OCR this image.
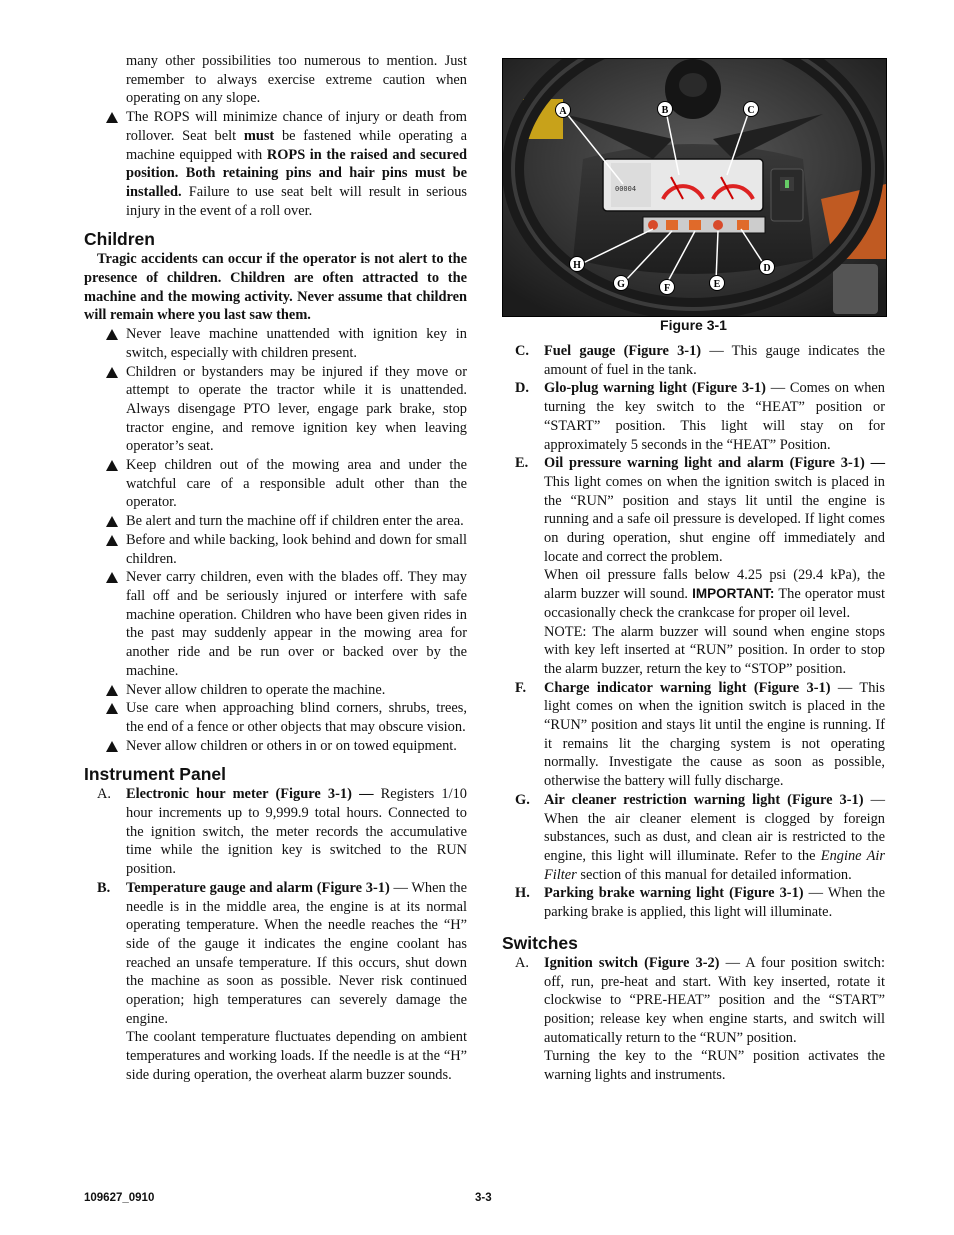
many other possibilities too numerous to mention. Just remember to always exercise extreme caution when operating on any slope.

The ROPS will minimize chance of injury or death from rollover. Seat belt must be fastened while operating a machine equipped with ROPS in the raised and secured position. Both retaining pins and hair pins must be installed. Failure to use seat belt will result in serious injury in the event of a roll over.

Children

Tragic accidents can occur if the operator is not alert to the presence of children. Children are often attracted to the machine and the mowing activity. Never assume that children will remain where you last saw them.

Never leave machine unattended with ignition key in switch, especially with children present.

Children or bystanders may be injured if they move or attempt to operate the tractor while it is unattended. Always disengage PTO lever, engage park brake, stop tractor engine, and remove ignition key when leaving operator’s seat.

Keep children out of the mowing area and under the watchful care of a responsible adult other than the operator.

Be alert and turn the machine off if children enter the area.

Before and while backing, look behind and down for small children.

Never carry children, even with the blades off. They may fall off and be seriously injured or interfere with safe machine operation. Children who have been given rides in the past may suddenly appear in the mowing area for another ride and be run over or backed over by the machine.

Never allow children to operate the machine.

Use care when approaching blind corners, shrubs, trees, the end of a fence or other objects that may obscure vision.

Never allow children or others in or on towed equipment.

Instrument Panel

A. Electronic hour meter (Figure 3-1) — Registers 1/10 hour increments up to 9,999.9 total hours. Connected to the ignition switch, the meter records the accumulative time while the ignition key is switched to the RUN position.

B. Temperature gauge and alarm (Figure 3-1) — When the needle is in the middle area, the engine is at its normal operating temperature. When the needle reaches the “H” side of the gauge it indicates the engine coolant has reached an unsafe temperature. If this occurs, shut down the machine as soon as possible. Never risk continued operation; high temperatures can severely damage the engine.

The coolant temperature fluctuates depending on ambient temperatures and working loads. If the needle is at the “H” side during operation, the overheat alarm buzzer sounds.

00004
A	B	C
D
E
F
G
H
Figure 3-1

C. Fuel gauge (Figure 3-1) — This gauge indicates the amount of fuel in the tank.

D. Glo-plug warning light (Figure 3-1) — Comes on when turning the key switch to the “HEAT” position or “START” position. This light will stay on for approximately 5 seconds in the “HEAT” Position.

E. Oil pressure warning light and alarm (Figure 3-1) — This light comes on when the ignition switch is placed in the “RUN” position and stays lit until the engine is running and a safe oil pressure is developed. If light comes on during operation, shut engine off immediately and locate and correct the problem.

When oil pressure falls below 4.25 psi (29.4 kPa), the alarm buzzer will sound. IMPORTANT: The operator must occasionally check the crankcase for proper oil level.

NOTE: The alarm buzzer will sound when engine stops with key left inserted at “RUN” position. In order to stop the alarm buzzer, return the key to “STOP” position.

F. Charge indicator warning light (Figure 3-1) — This light comes on when the ignition switch is placed in the “RUN” position and stays lit until the engine is running. If it remains lit the charging system is not operating normally. Investigate the cause as soon as possible, otherwise the battery will fully discharge.

G. Air cleaner restriction warning light (Figure 3-1) — When the air cleaner element is clogged by foreign substances, such as dust, and clean air is restricted to the engine, this light will illuminate. Refer to the Engine Air Filter section of this manual for detailed information.

H. Parking brake warning light (Figure 3-1) — When the parking brake is applied, this light will illuminate.

Switches

A. Ignition switch (Figure 3-2) — A four position switch: off, run, pre-heat and start. With key inserted, rotate it clockwise to “PRE-HEAT” position and the “START” position; release key when engine starts, and switch will automatically return to the “RUN” position.

Turning the key to the “RUN” position activates the warning lights and instruments.

109627_0910	3-3
